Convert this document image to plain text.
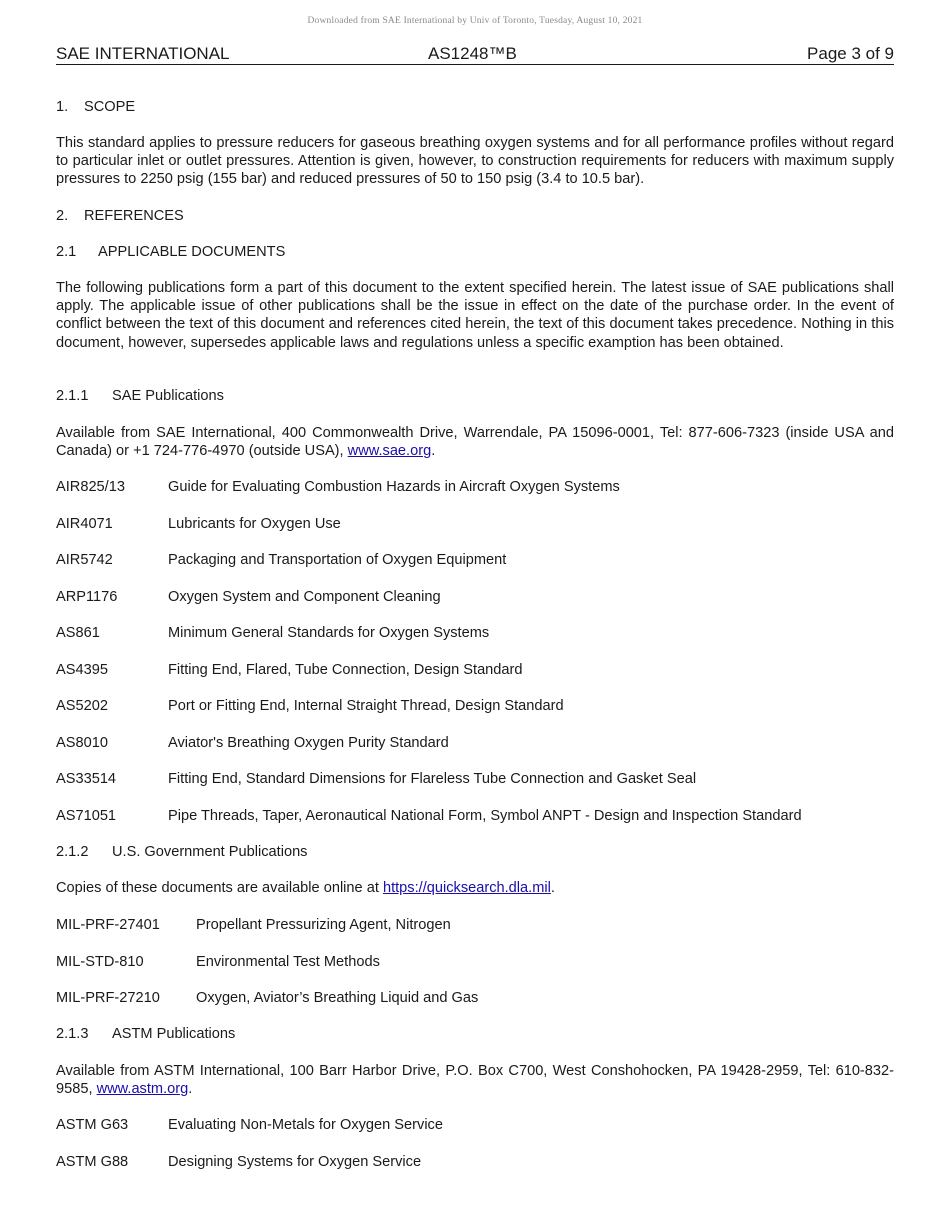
Downloaded from SAE International by Univ of Toronto, Tuesday, August 10, 2021
SAE INTERNATIONAL	AS1248™B	Page 3 of 9
1. SCOPE
This standard applies to pressure reducers for gaseous breathing oxygen systems and for all performance profiles without regard to particular inlet or outlet pressures. Attention is given, however, to construction requirements for reducers with maximum supply pressures to 2250 psig (155 bar) and reduced pressures of 50 to 150 psig (3.4 to 10.5 bar).
2. REFERENCES
2.1 APPLICABLE DOCUMENTS
The following publications form a part of this document to the extent specified herein. The latest issue of SAE publications shall apply. The applicable issue of other publications shall be the issue in effect on the date of the purchase order. In the event of conflict between the text of this document and references cited herein, the text of this document takes precedence. Nothing in this document, however, supersedes applicable laws and regulations unless a specific examption has been obtained.
2.1.1 SAE Publications
Available from SAE International, 400 Commonwealth Drive, Warrendale, PA 15096-0001, Tel: 877-606-7323 (inside USA and Canada) or +1 724-776-4970 (outside USA), www.sae.org.
AIR825/13	Guide for Evaluating Combustion Hazards in Aircraft Oxygen Systems
AIR4071	Lubricants for Oxygen Use
AIR5742	Packaging and Transportation of Oxygen Equipment
ARP1176	Oxygen System and Component Cleaning
AS861	Minimum General Standards for Oxygen Systems
AS4395	Fitting End, Flared, Tube Connection, Design Standard
AS5202	Port or Fitting End, Internal Straight Thread, Design Standard
AS8010	Aviator's Breathing Oxygen Purity Standard
AS33514	Fitting End, Standard Dimensions for Flareless Tube Connection and Gasket Seal
AS71051	Pipe Threads, Taper, Aeronautical National Form, Symbol ANPT - Design and Inspection Standard
2.1.2 U.S. Government Publications
Copies of these documents are available online at https://quicksearch.dla.mil.
MIL-PRF-27401 Propellant Pressurizing Agent, Nitrogen
MIL-STD-810	Environmental Test Methods
MIL-PRF-27210 Oxygen, Aviator’s Breathing Liquid and Gas
2.1.3 ASTM Publications
Available from ASTM International, 100 Barr Harbor Drive, P.O. Box C700, West Conshohocken, PA 19428-2959, Tel: 610-832-9585, www.astm.org.
ASTM G63	Evaluating Non-Metals for Oxygen Service
ASTM G88	Designing Systems for Oxygen Service
